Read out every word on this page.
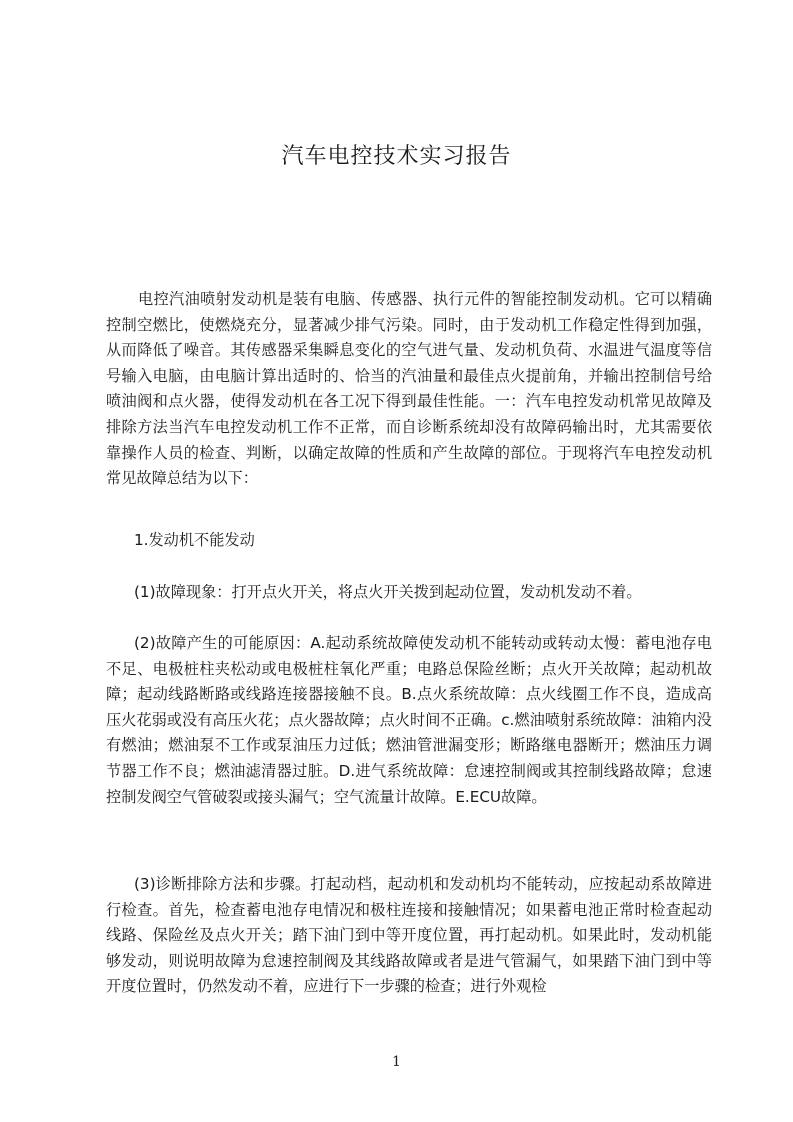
汽车电控技术实习报告

电控汽油喷射发动机是装有电脑、传感器、执行元件的智能控制发动机。它可以精确控制空燃比，使燃烧充分，显著减少排气污染。同时，由于发动机工作稳定性得到加强，从而降低了噪音。其传感器采集瞬息变化的空气进气量、发动机负荷、水温进气温度等信号输入电脑，由电脑计算出适时的、恰当的汽油量和最佳点火提前角，并输出控制信号给喷油阀和点火器，使得发动机在各工况下得到最佳性能。一：汽车电控发动机常见故障及排除方法当汽车电控发动机工作不正常，而自诊断系统却没有故障码输出时，尤其需要依靠操作人员的检查、判断，以确定故障的性质和产生故障的部位。于现将汽车电控发动机常见故障总结为以下：

1.发动机不能发动

(1)故障现象：打开点火开关，将点火开关拨到起动位置，发动机发动不着。

(2)故障产生的可能原因：A.起动系统故障使发动机不能转动或转动太慢：蓄电池存电不足、电极桩柱夹松动或电极桩柱氧化严重；电路总保险丝断；点火开关故障；起动机故障；起动线路断路或线路连接器接触不良。B.点火系统故障：点火线圈工作不良，造成高压火花弱或没有高压火花；点火器故障；点火时间不正确。c.燃油喷射系统故障：油箱内没有燃油；燃油泵不工作或泵油压力过低；燃油管泄漏变形；断路继电器断开；燃油压力调节器工作不良；燃油滤清器过脏。D.进气系统故障：怠速控制阀或其控制线路故障；怠速控制发阀空气管破裂或接头漏气；空气流量计故障。E.ECU故障。

(3)诊断排除方法和步骤。打起动档，起动机和发动机均不能转动，应按起动系故障进行检查。首先，检查蓄电池存电情况和极柱连接和接触情况；如果蓄电池正常时检查起动线路、保险丝及点火开关；踏下油门到中等开度位置，再打起动机。如果此时，发动机能够发动，则说明故障为怠速控制阀及其线路故障或者是进气管漏气，如果踏下油门到中等开度位置时，仍然发动不着，应进行下一步骤的检查；进行外观检

1
